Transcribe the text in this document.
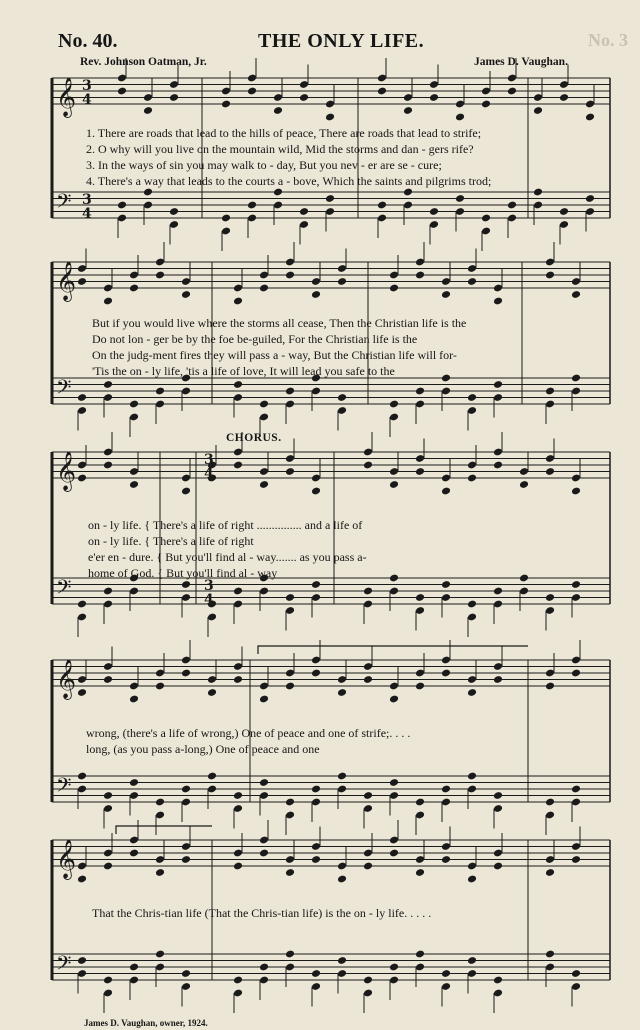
No. 40.	THE ONLY LIFE.	No. 3
Rev. Johnson Oatman, Jr.	James D. Vaughan.
𝄞
𝄢
3
4
3
4
𝄞
𝄢
𝄞
𝄢
3
4
3
4
𝄞
𝄢
𝄞
𝄢
1. There are roads that lead to the hills of peace, There are roads that lead to strife;
2. O why will you live on the mountain wild, Mid the storms and dan - gers rife?
3. In the ways of sin you may walk to - day, But you nev - er are se - cure;
4. There's a way that leads to the courts a - bove, Which the saints and pilgrims trod;
But if you would live where the storms all cease, Then the Christian life is the
Do not lon - ger be by the foe be-guiled, For the Christian life is the
On the judg-ment fires they will pass a - way, But the Christian life will for-
'Tis the on - ly life, 'tis a life of love, It will lead you safe to the
CHORUS.
on - ly life. { There's a life of right ............... and a life of
on - ly life. { There's a life of right
e'er en - dure. { But you'll find al - way....... as you pass a-
home of God. { But you'll find al - way
wrong, (there's a life of wrong,) One of peace and one of strife;. . . .
long, (as you pass a-long,) One of peace and one
That the Chris-tian life (That the Chris-tian life) is the on - ly life. . . . .
James D. Vaughan, owner, 1924.
